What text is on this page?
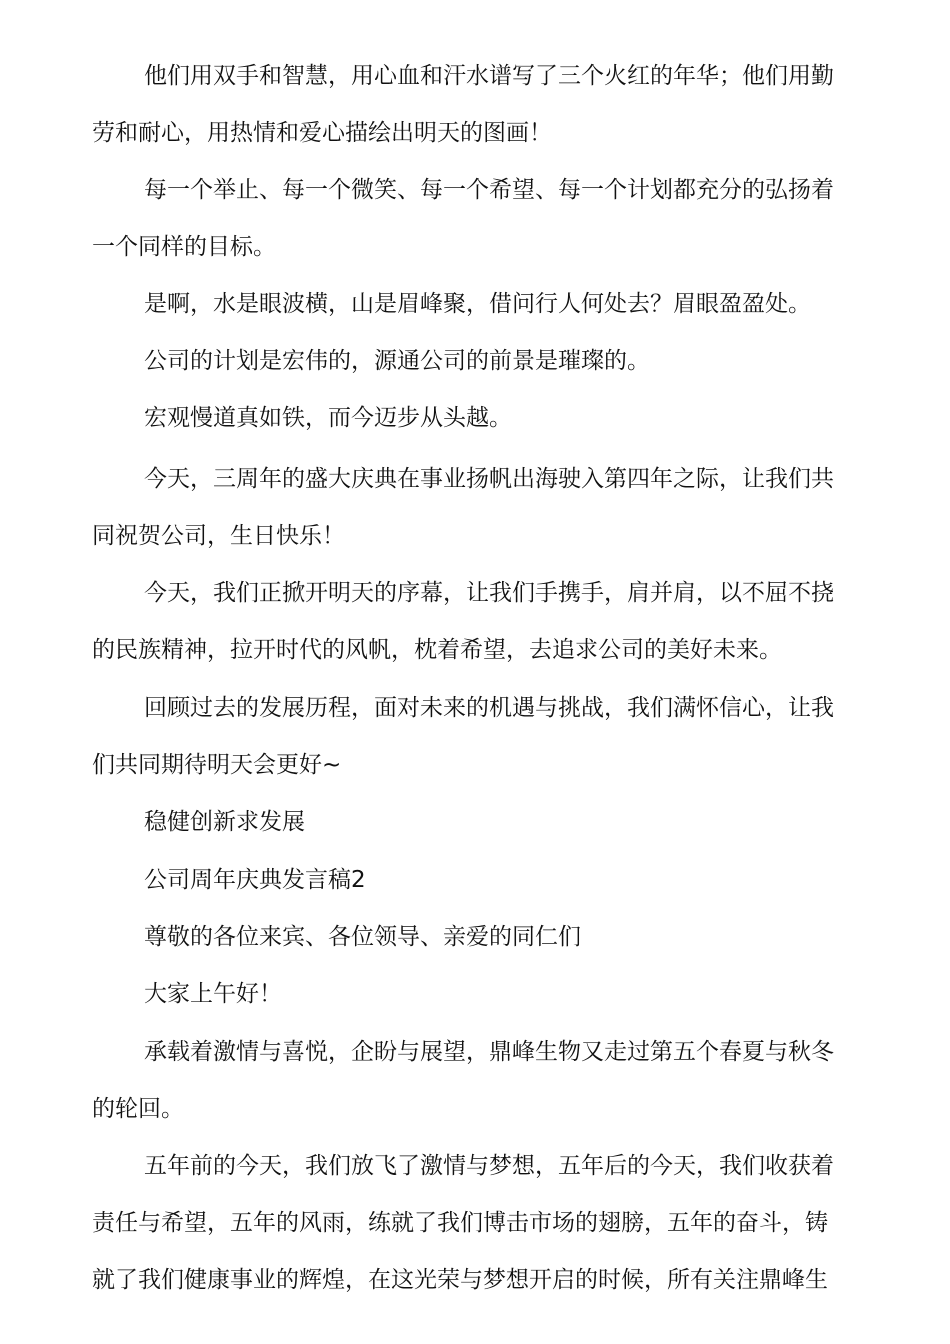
他们用双手和智慧，用心血和汗水谱写了三个火红的年华；他们用勤

劳和耐心，用热情和爱心描绘出明天的图画！

每一个举止、每一个微笑、每一个希望、每一个计划都充分的弘扬着

一个同样的目标。

是啊，水是眼波横，山是眉峰聚，借问行人何处去？眉眼盈盈处。

公司的计划是宏伟的，源通公司的前景是璀璨的。

宏观慢道真如铁，而今迈步从头越。

今天，三周年的盛大庆典在事业扬帆出海驶入第四年之际，让我们共

同祝贺公司，生日快乐！

今天，我们正掀开明天的序幕，让我们手携手，肩并肩，以不屈不挠

的民族精神，拉开时代的风帆，枕着希望，去追求公司的美好未来。

回顾过去的发展历程，面对未来的机遇与挑战，我们满怀信心，让我

们共同期待明天会更好~

稳健创新求发展

公司周年庆典发言稿2

尊敬的各位来宾、各位领导、亲爱的同仁们

大家上午好！

承载着激情与喜悦，企盼与展望，鼎峰生物又走过第五个春夏与秋冬

的轮回。

五年前的今天，我们放飞了激情与梦想，五年后的今天，我们收获着

责任与希望，五年的风雨，练就了我们博击市场的翅膀，五年的奋斗，铸

就了我们健康事业的辉煌，在这光荣与梦想开启的时候，所有关注鼎峰生
